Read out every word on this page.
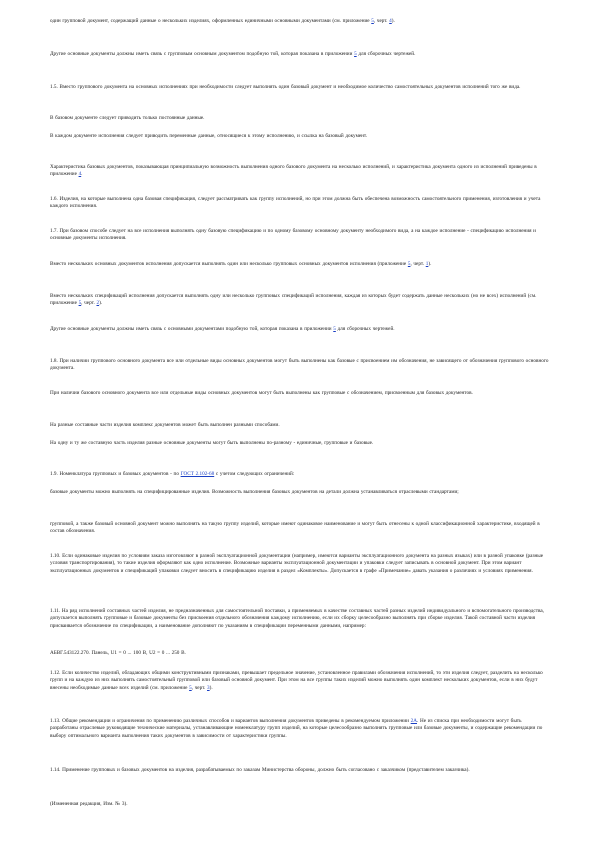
один групповой документ, содержащий данные о нескольких изделиях, оформленных единичными основными документами (см. приложение 5, черт. 4).

Другие основные документы должны иметь связь с групповым основным документом подобную той, которая показана в приложении 5 для сборочных чертежей.

1.5. Вместо группового документа на основных исполнениях при необходимости следует выполнять один базовый документ и необходимое количество самостоятельных документов исполнений того же вида.

В базовом документе следует приводить только постоянные данные.

В каждом документе исполнения следует приводить переменные данные, относящиеся к этому исполнению, и ссылка на базовый документ.

Характеристика базовых документов, показывающая принципиальную возможность выполнения одного базового документа на несколько исполнений, и характеристика документа одного из исполнений приведены в приложение 4.

1.6. Изделия, на которые выполнена одна базовая спецификация, следует рассматривать как группу исполнений, но при этом должна быть обеспечена возможность самостоятельного применения, изготовления и учета каждого исполнения.

1.7. При базовом способе следует на все исполнения выполнять одну базовую спецификацию и по одному базовому основному документу необходимого вида, а на каждое исполнение - спецификацию исполнения и основные документы исполнения.

Вместо нескольких основных документов исполнения допускается выполнять один или несколько групповых основных документов исполнения (приложение 5, черт. 1).

Вместо нескольких спецификаций исполнения допускается выполнять одну или несколько групповых спецификаций исполнения, каждая из которых будет содержать данные нескольких (но не всех) исполнений (см. приложение 5, черт. 2).

Другие основные документы должны иметь связь с основными документами подобную той, которая показана в приложении 5 для сборочных чертежей.

1.8. При наличии группового основного документа все или отдельные виды основных документов могут быть выполнены как базовые с присвоением им обозначения, не зависящего от обозначения группового основного документа.

При наличии базового основного документа все или отдельные виды основных документов могут быть выполнены как групповые с обозначением, присвоенным для базовых документов.

На разные составные части изделия комплекс документов может быть выполнен разными способами.

На одну и ту же составную часть изделия разные основные документы могут быть выполнены по-разному - единичные, групповые и базовые.

1.9. Номенклатура групповых и базовых документов - по ГОСТ 2.102-68 с учетом следующих ограничений:

базовые документы можно выполнять на специфицированные изделия. Возможность выполнения базовых документов на детали должна устанавливаться отраслевыми стандартами;

групповой, а также базовый основной документ можно выполнять на такую группу изделий, которые имеют одинаковое наименование и могут быть отнесены к одной классификационной характеристике, входящей в состав обозначения.

1.10. Если одинаковые изделия по условиям заказа изготовляют в разной эксплуатационной документации (например, имеются варианты эксплуатационного документа на разных языках) или в разной упаковке (разные условия транспортирования), то такие изделия оформляют как одно исполнение. Возможные варианты эксплуатационной документации и упаковки следует записывать в основной документ. При этом вариант эксплуатационных документов и спецификаций упаковки следует вносить в спецификацию изделия в раздел «Комплекты». Допускается в графе «Примечание» давать указания о различиях и условиях применения.

1.11. На ряд исполнений составных частей изделия, не предназначенных для самостоятельной поставки, а применяемых в качестве составных частей разных изделий индивидуального и вспомогательного производства, допускается выполнять групповые и базовые документы без присвоения отдельного обозначения каждому исполнению, если их сборку целесообразно выполнять при сборке изделия. Такой составной части изделия присваивается обозначение по спецификации, а наименование дополняют по указаниям в спецификации переменными данными, например:

АБВГ.543122.270. Панель, U1 = 0 ... 100 В, U2 = 0 ... 250 В.

1.12. Если количество изделий, обладающих общими конструктивными признаками, превышает предельное значение, установленное правилами обозначения исполнений, то эти изделия следует, разделить на несколько групп и на каждую из них выполнять самостоятельный групповой или базовый основной документ. При этом на все группы таких изделий можно выполнять один комплект нескольких документов, если в них будут внесены необходимые данные всех изделий (см. приложение 5, черт. 3).

1.13. Общие рекомендации и ограничения по применению различных способов и вариантов выполнения документов приведены в рекомендуемом приложении 2А. Не из списка при необходимости могут быть разработаны отраслевые руководящие технические материалы, устанавливающие номенклатуру групп изделий, на которые целесообразно выполнять групповые или базовые документы, и содержащие рекомендации по выбору оптимального варианта выполнения таких документов в зависимости от характеристики группы.

1.14. Применение групповых и базовых документов на изделия, разрабатываемых по заказам Министерства обороны, должно быть согласовано с заказчиком (представителем заказчика).

(Измененная редакция, Изм. № 3).
